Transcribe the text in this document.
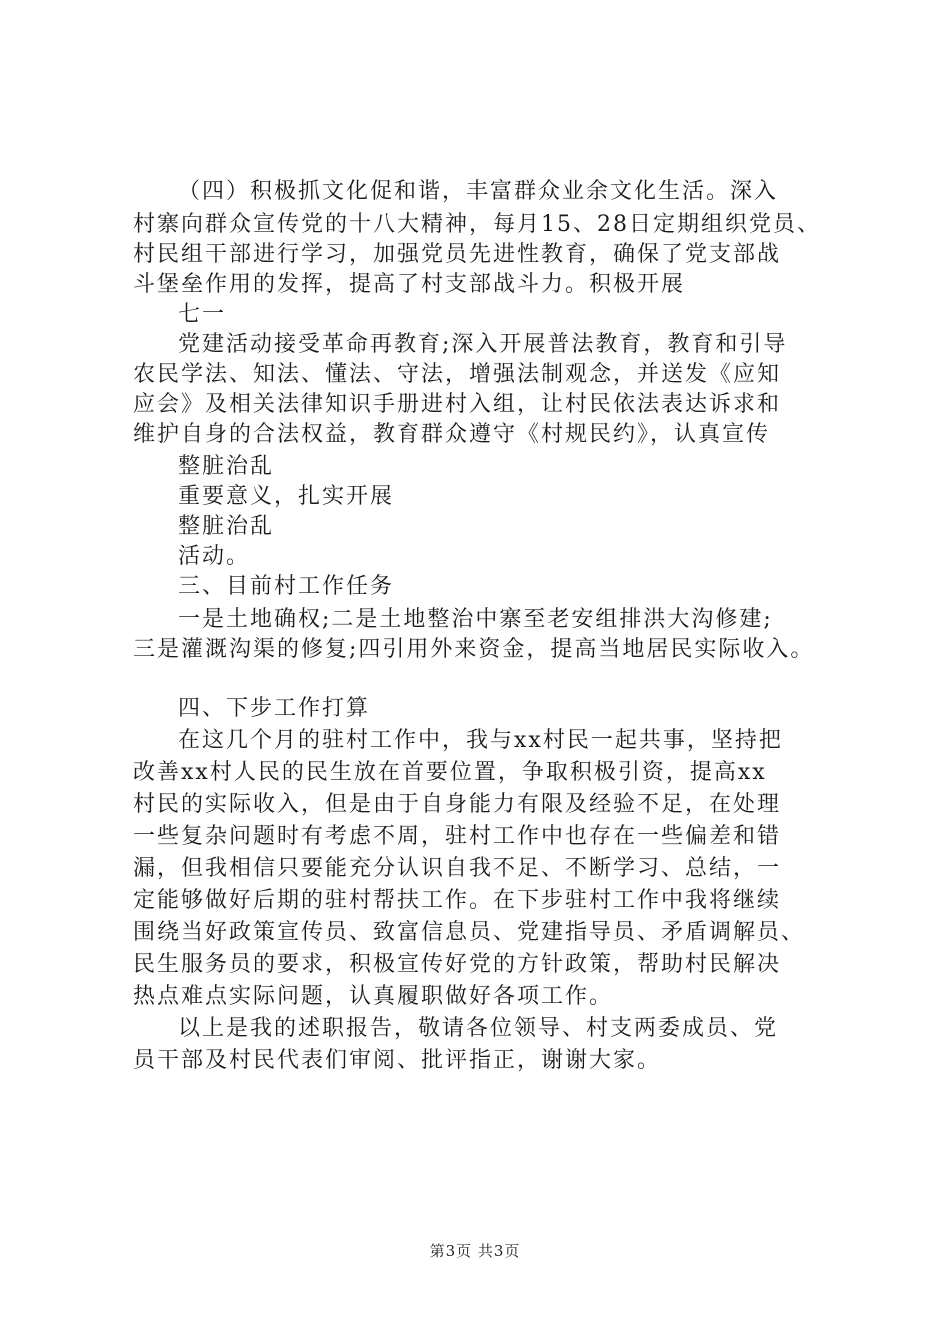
（四）积极抓文化促和谐，丰富群众业余文化生活。深入
村寨向群众宣传党的十八大精神，每月15、28日定期组织党员、
村民组干部进行学习，加强党员先进性教育，确保了党支部战
斗堡垒作用的发挥，提高了村支部战斗力。积极开展
七一
党建活动接受革命再教育;深入开展普法教育，教育和引导
农民学法、知法、懂法、守法，增强法制观念，并送发《应知
应会》及相关法律知识手册进村入组，让村民依法表达诉求和
维护自身的合法权益，教育群众遵守《村规民约》，认真宣传
整脏治乱
重要意义，扎实开展
整脏治乱
活动。
三、目前村工作任务
一是土地确权;二是土地整治中寨至老安组排洪大沟修建;
三是灌溉沟渠的修复;四引用外来资金，提高当地居民实际收入。
四、下步工作打算
在这几个月的驻村工作中，我与xx村民一起共事，坚持把
改善xx村人民的民生放在首要位置，争取积极引资，提高xx
村民的实际收入，但是由于自身能力有限及经验不足，在处理
一些复杂问题时有考虑不周，驻村工作中也存在一些偏差和错
漏，但我相信只要能充分认识自我不足、不断学习、总结，一
定能够做好后期的驻村帮扶工作。在下步驻村工作中我将继续
围绕当好政策宣传员、致富信息员、党建指导员、矛盾调解员、
民生服务员的要求，积极宣传好党的方针政策，帮助村民解决
热点难点实际问题，认真履职做好各项工作。
以上是我的述职报告，敬请各位领导、村支两委成员、党
员干部及村民代表们审阅、批评指正，谢谢大家。
第3页 共3页
